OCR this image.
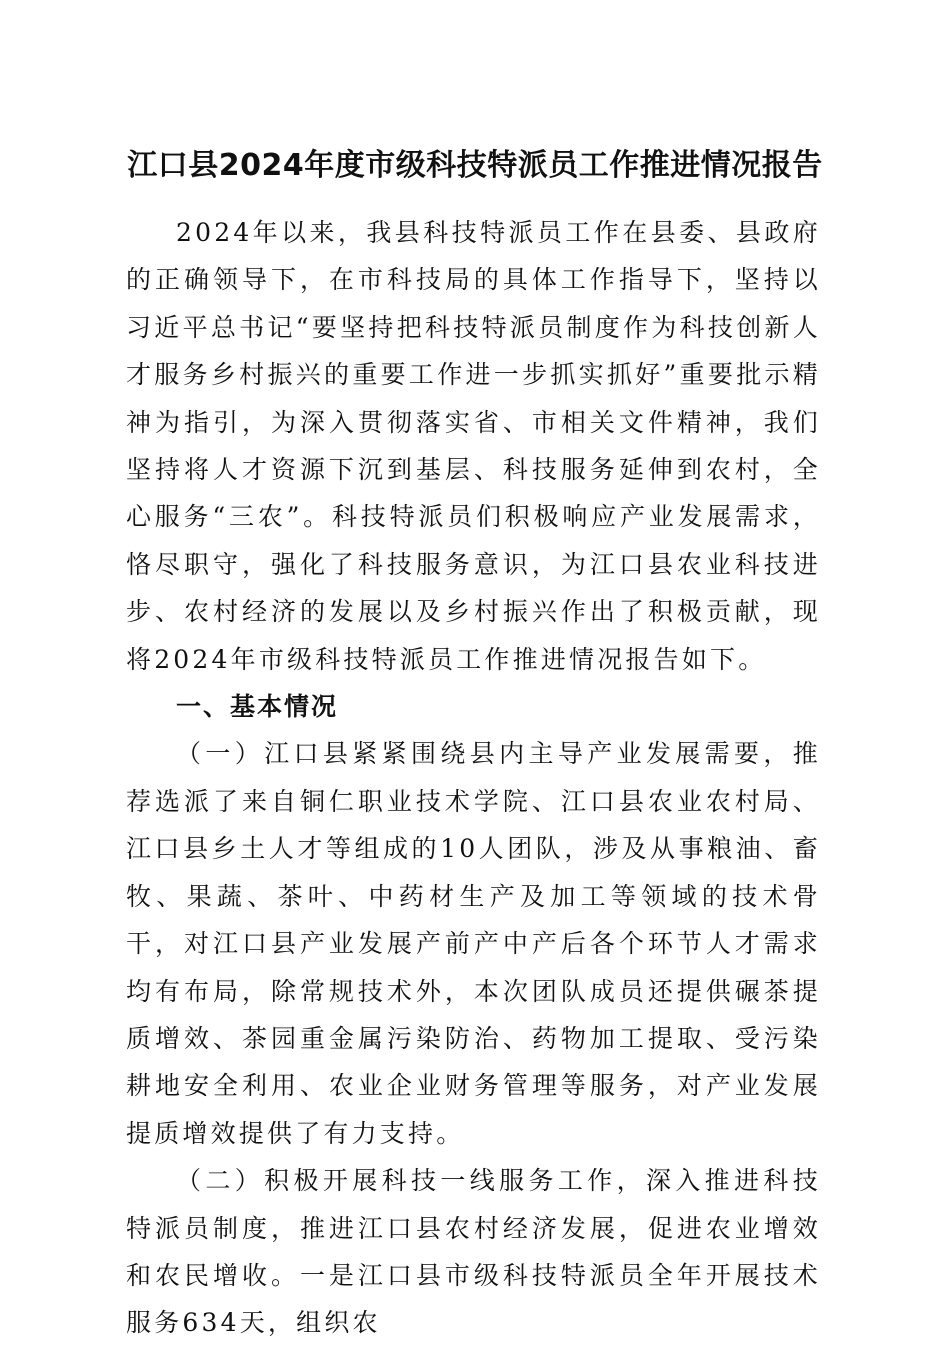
江口县2024年度市级科技特派员工作推进情况报告

2024年以来，我县科技特派员工作在县委、县政府的正确领导下，在市科技局的具体工作指导下，坚持以习近平总书记“要坚持把科技特派员制度作为科技创新人才服务乡村振兴的重要工作进一步抓实抓好”重要批示精神为指引，为深入贯彻落实省、市相关文件精神，我们坚持将人才资源下沉到基层、科技服务延伸到农村，全心服务“三农”。科技特派员们积极响应产业发展需求，恪尽职守，强化了科技服务意识，为江口县农业科技进步、农村经济的发展以及乡村振兴作出了积极贡献，现将2024年市级科技特派员工作推进情况报告如下。

一、基本情况

（一）江口县紧紧围绕县内主导产业发展需要，推荐选派了来自铜仁职业技术学院、江口县农业农村局、江口县乡土人才等组成的10人团队，涉及从事粮油、畜牧、果蔬、茶叶、中药材生产及加工等领域的技术骨干，对江口县产业发展产前产中产后各个环节人才需求均有布局，除常规技术外，本次团队成员还提供碾茶提质增效、茶园重金属污染防治、药物加工提取、受污染耕地安全利用、农业企业财务管理等服务，对产业发展提质增效提供了有力支持。

（二）积极开展科技一线服务工作，深入推进科技特派员制度，推进江口县农村经济发展，促进农业增效和农民增收。一是江口县市级科技特派员全年开展技术服务634天，组织农
